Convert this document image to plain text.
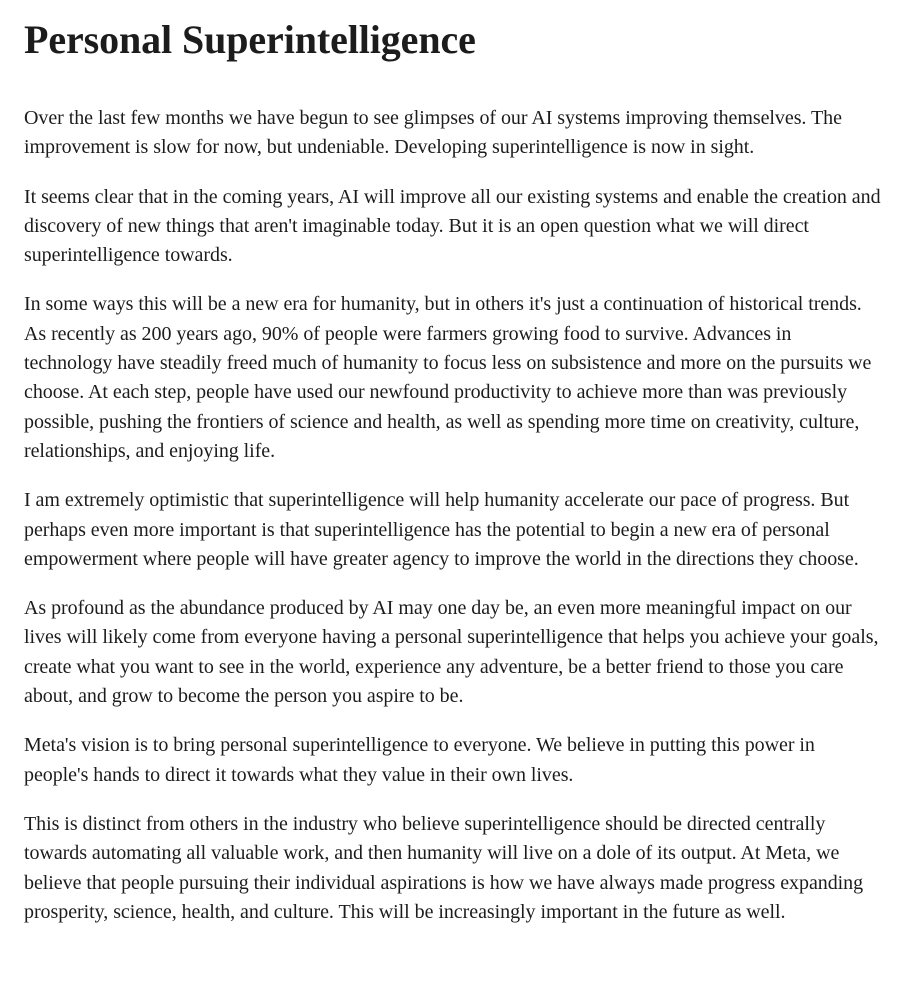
Personal Superintelligence

Over the last few months we have begun to see glimpses of our AI systems improving themselves. The improvement is slow for now, but undeniable. Developing superintelligence is now in sight.

It seems clear that in the coming years, AI will improve all our existing systems and enable the creation and discovery of new things that aren't imaginable today. But it is an open question what we will direct superintelligence towards.

In some ways this will be a new era for humanity, but in others it's just a continuation of historical trends. As recently as 200 years ago, 90% of people were farmers growing food to survive. Advances in technology have steadily freed much of humanity to focus less on subsistence and more on the pursuits we choose. At each step, people have used our newfound productivity to achieve more than was previously possible, pushing the frontiers of science and health, as well as spending more time on creativity, culture, relationships, and enjoying life.

I am extremely optimistic that superintelligence will help humanity accelerate our pace of progress. But perhaps even more important is that superintelligence has the potential to begin a new era of personal empowerment where people will have greater agency to improve the world in the directions they choose.

As profound as the abundance produced by AI may one day be, an even more meaningful impact on our lives will likely come from everyone having a personal superintelligence that helps you achieve your goals, create what you want to see in the world, experience any adventure, be a better friend to those you care about, and grow to become the person you aspire to be.

Meta's vision is to bring personal superintelligence to everyone. We believe in putting this power in people's hands to direct it towards what they value in their own lives.

This is distinct from others in the industry who believe superintelligence should be directed centrally towards automating all valuable work, and then humanity will live on a dole of its output. At Meta, we believe that people pursuing their individual aspirations is how we have always made progress expanding prosperity, science, health, and culture. This will be increasingly important in the future as well.
